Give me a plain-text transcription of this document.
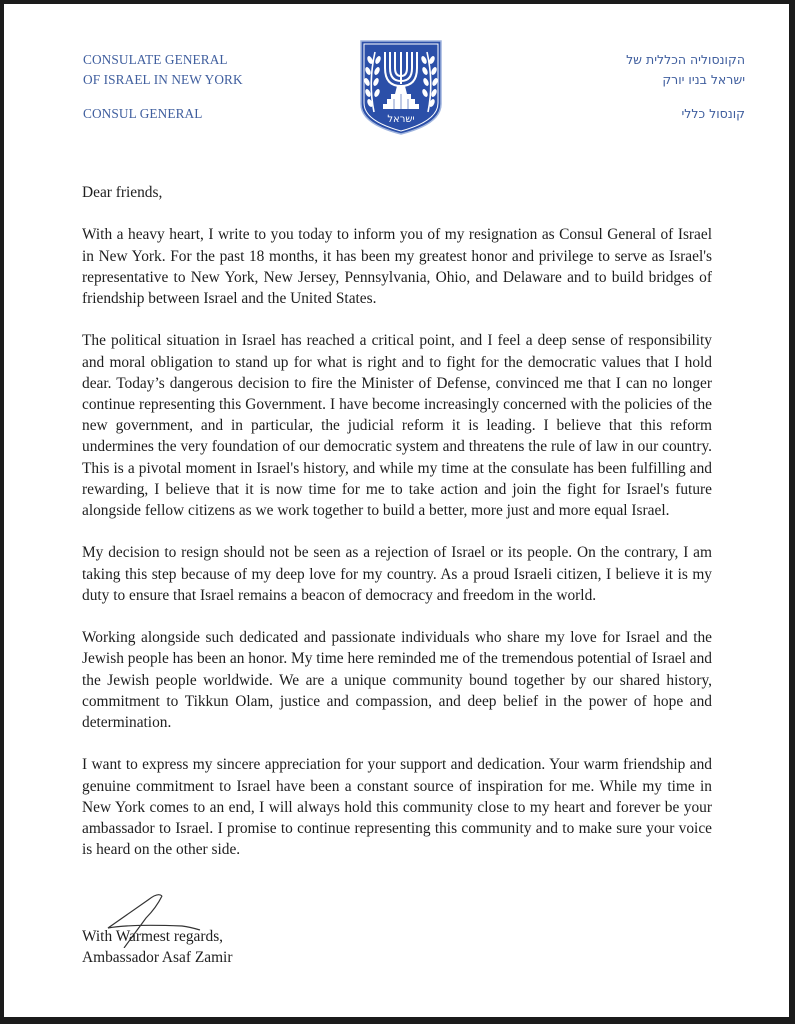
CONSULATE GENERAL
OF ISRAEL IN NEW YORK
CONSUL GENERAL	ישראל
הקונסוליה הכללית של
ישראל בניו יורק
קונסול כללי

Dear friends,

With a heavy heart, I write to you today to inform you of my resignation as Consul General of Israel in New York. For the past 18 months, it has been my greatest honor and privilege to serve as Israel's representative to New York, New Jersey, Pennsylvania, Ohio, and Delaware and to build bridges of friendship between Israel and the United States.

The political situation in Israel has reached a critical point, and I feel a deep sense of responsibility and moral obligation to stand up for what is right and to fight for the democratic values that I hold dear. Today’s dangerous decision to fire the Minister of Defense, convinced me that I can no longer continue representing this Government. I have become increasingly concerned with the policies of the new government, and in particular, the judicial reform it is leading. I believe that this reform undermines the very foundation of our democratic system and threatens the rule of law in our country. This is a pivotal moment in Israel's history, and while my time at the consulate has been fulfilling and rewarding, I believe that it is now time for me to take action and join the fight for Israel's future alongside fellow citizens as we work together to build a better, more just and more equal Israel.

My decision to resign should not be seen as a rejection of Israel or its people. On the contrary, I am taking this step because of my deep love for my country. As a proud Israeli citizen, I believe it is my duty to ensure that Israel remains a beacon of democracy and freedom in the world.

Working alongside such dedicated and passionate individuals who share my love for Israel and the Jewish people has been an honor. My time here reminded me of the tremendous potential of Israel and the Jewish people worldwide. We are a unique community bound together by our shared history, commitment to Tikkun Olam, justice and compassion, and deep belief in the power of hope and determination.

I want to express my sincere appreciation for your support and dedication. Your warm friendship and genuine commitment to Israel have been a constant source of inspiration for me. While my time in New York comes to an end, I will always hold this community close to my heart and forever be your ambassador to Israel. I promise to continue representing this community and to make sure your voice is heard on the other side.

With Warmest regards,
Ambassador Asaf Zamir
